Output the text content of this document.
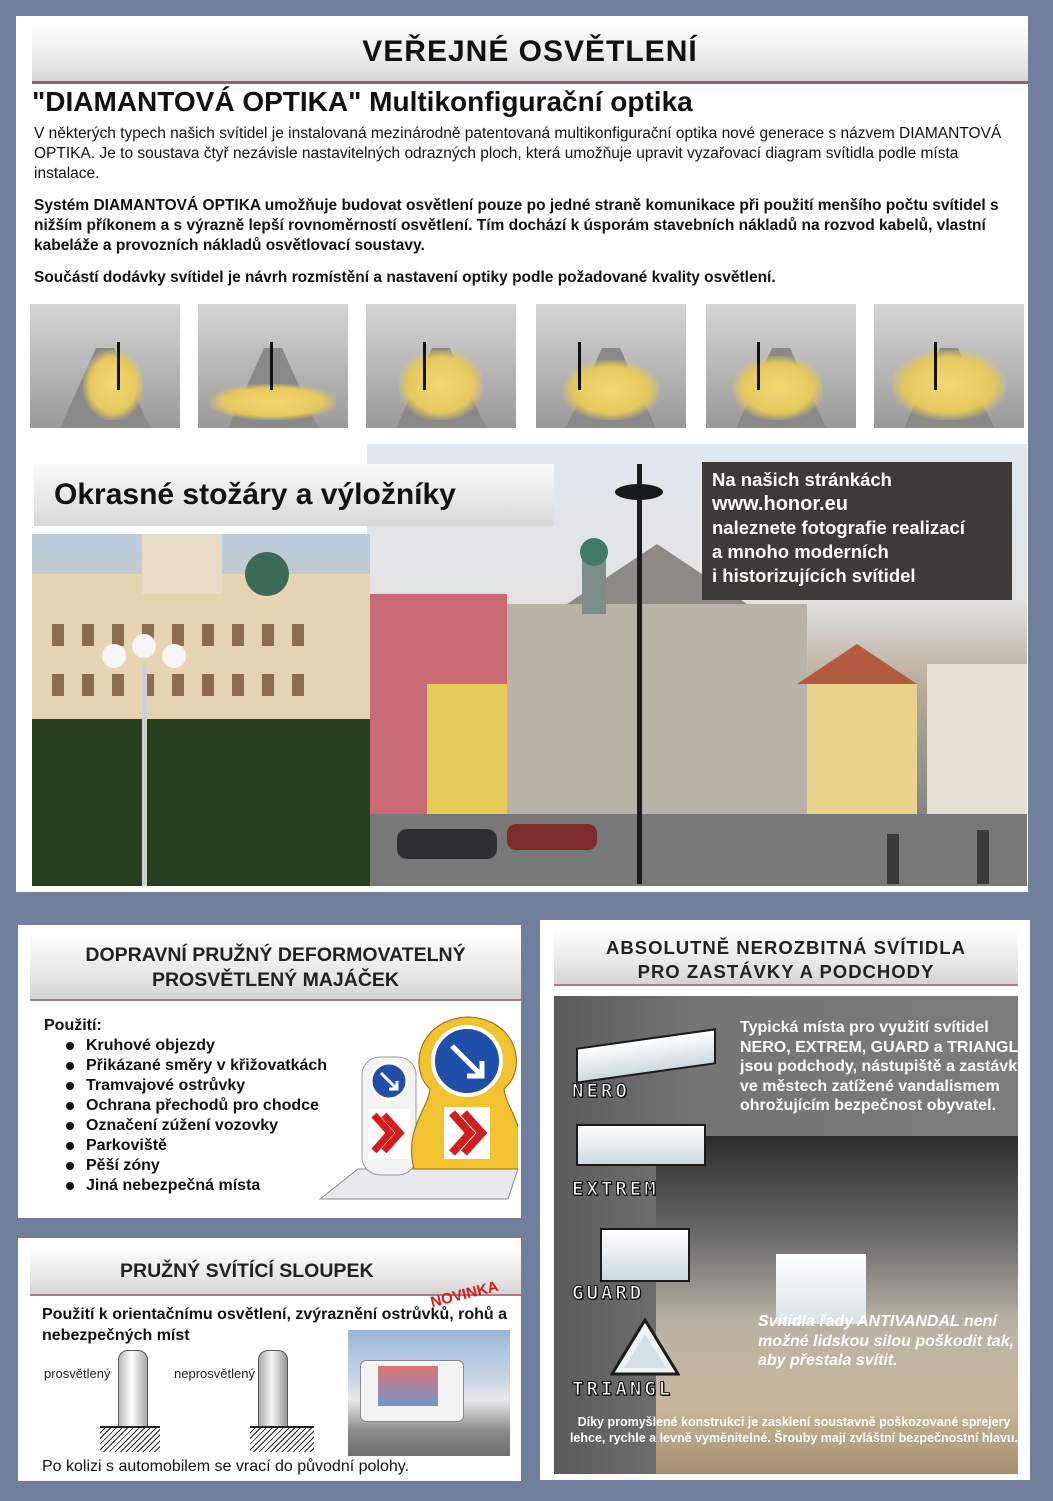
VEŘEJNÉ OSVĚTLENÍ
"DIAMANTOVÁ OPTIKA" Multikonfigurační optika

V některých typech našich svítidel je instalovaná mezinárodně patentovaná multikonfigurační optika nové generace s názvem DIAMANTOVÁ OPTIKA. Je to soustava čtyř nezávisle nastavitelných odrazných ploch, která umožňuje upravit vyzařovací diagram svítidla podle místa instalace.

Systém DIAMANTOVÁ OPTIKA umožňuje budovat osvětlení pouze po jedné straně komunikace při použití menšího počtu svítidel s nižším příkonem a s výrazně lepší rovnoměrností osvětlení. Tím dochází k úsporám stavebních nákladů na rozvod kabelů, vlastní kabeláže a provozních nákladů osvětlovací soustavy.

Součástí dodávky svítidel je návrh rozmístění a nastavení optiky podle požadované kvality osvětlení.

Okrasné stožáry a výložníky	Na našich stránkách
www.honor.eu
naleznete fotografie realizací
a mnoho moderních
i historizujících svítidel
DOPRAVNÍ PRUŽNÝ DEFORMOVATELNÝ
PROSVĚTLENÝ MAJÁČEK
Použití:
Kruhové objezdy
Přikázané směry v křižovatkách
Tramvajové ostrůvky
Ochrana přechodů pro chodce
Označení zúžení vozovky
Parkoviště
Pěší zóny
Jiná nebezpečná místa
PRUŽNÝ SVÍTÍCÍ SLOUPEK
NOVINKA
Použití k orientačnímu osvětlení, zvýraznění ostrůvků, rohů a nebezpečných míst
prosvětlený	neprosvětlený
Po kolizi s automobilem se vrací do původní polohy.
ABSOLUTNĚ NEROZBITNÁ SVÍTIDLA
PRO ZASTÁVKY A PODCHODY
Typická místa pro využití svítidel NERO, EXTREM, GUARD a TRIANGL jsou podchody, nástupiště a zastávky ve městech zatížené vandalismem ohrožujícím bezpečnost obyvatel.
NERO
EXTREM
GUARD
TRIANGL
Svítidla řady ANTIVANDAL není možné lidskou silou poškodit tak, aby přestala svítit.
Díky promyšlené konstrukci je zasklení soustavně poškozované sprejery lehce, rychle a levně vyměnitelné. Šrouby mají zvláštní bezpečnostní hlavu.
